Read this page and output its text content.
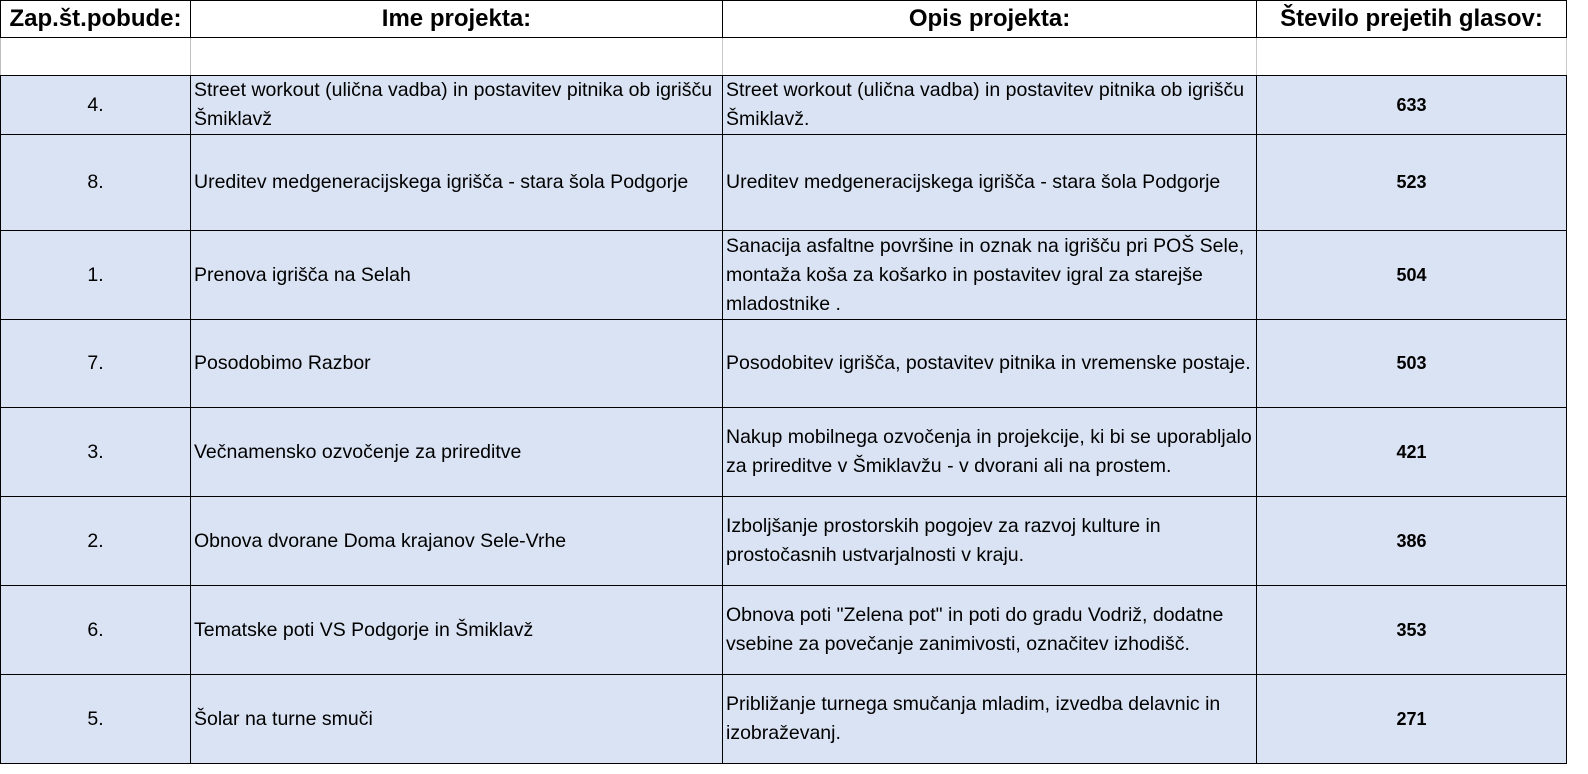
Zap.št.pobude:	Ime projekta:	Opis projekta:	Število prejetih glasov:

4.	Street workout (ulična vadba) in postavitev pitnika ob igrišču Šmiklavž	Street workout (ulična vadba) in postavitev pitnika ob igrišču Šmiklavž.	633
8.	Ureditev medgeneracijskega igrišča - stara šola Podgorje	Ureditev medgeneracijskega igrišča - stara šola Podgorje	523
1.	Prenova igrišča na Selah	Sanacija asfaltne površine in oznak na igrišču pri POŠ Sele, montaža koša za košarko in postavitev igral za starejše mladostnike .	504
7.	Posodobimo Razbor	Posodobitev igrišča, postavitev pitnika in vremenske postaje.	503
3.	Večnamensko ozvočenje za prireditve	Nakup mobilnega ozvočenja in projekcije, ki bi se uporabljalo za prireditve v Šmiklavžu - v dvorani ali na prostem.	421
2.	Obnova dvorane Doma krajanov Sele-Vrhe	Izboljšanje prostorskih pogojev za razvoj kulture in prostočasnih ustvarjalnosti v kraju.	386
6.	Tematske poti VS Podgorje in Šmiklavž	Obnova poti "Zelena pot" in poti do gradu Vodriž, dodatne vsebine za povečanje zanimivosti, označitev izhodišč.	353
5.	Šolar na turne smuči	Približanje turnega smučanja mladim, izvedba delavnic in izobraževanj.	271
